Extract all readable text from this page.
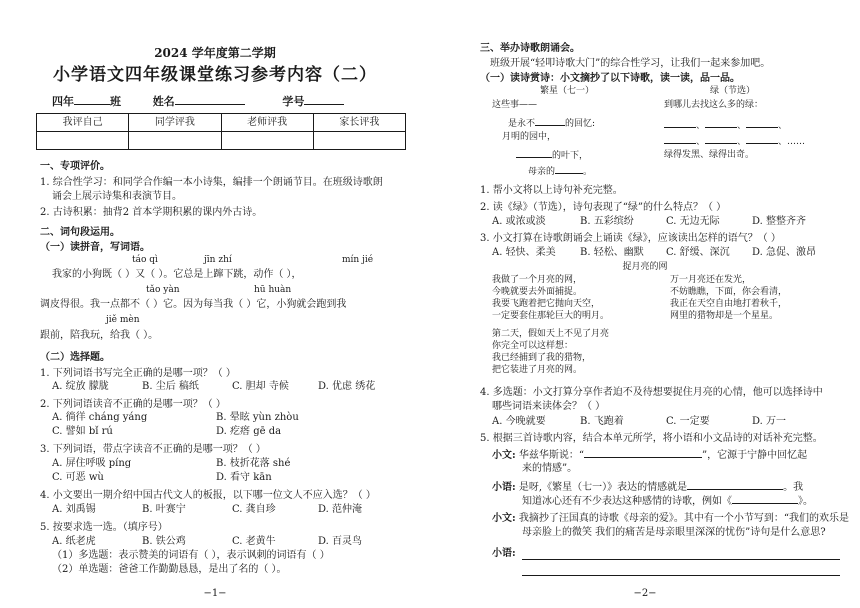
2024 学年度第二学期
小学语文四年级课堂练习参考内容（二）
四年	班	姓名	学号
我评自己	同学评我	老师评我	家长评我

一、专项评价。
1. 综合性学习：和同学合作编一本小诗集，编排一个朗诵节目。在班级诗歌朗
诵会上展示诗集和表演节目。
2. 古诗积累：抽背2 首本学期积累的课内外古诗。
二、词句段运用。
（一）读拼音，写词语。
táo qì	jīn zhí	mín jié
我家的小狗既（ ）又（ ）。它总是上蹿下跳，动作（ ），
tǎo yàn	hū huàn
调皮得很。我一点都不（ ）它。因为每当我（ ）它，小狗就会跑到我
jiě mèn
跟前，陪我玩，给我（ ）。
（二）选择题。
1. 下列词语书写完全正确的是哪一项？（ ）
A. 绽放 朦胧	B. 尘后 稿纸	C. 胆却 寺候	D. 优虑 绣花
2. 下列词语读音不正确的是哪一项？（ ）
A. 徜徉 cháng yáng	B. 晕眩 yùn zhòu
C. 譬如 bǐ rú	D. 疙瘩 gē da
3. 下列词语，带点字读音不正确的是哪一项？（ ）
A. 屏住呼吸 píng	B. 枝折花落 shé
C. 可恶 wù	D. 看守 kān
4. 小文要出一期介绍中国古代文人的板报，以下哪一位文人不应入选？（ ）
A. 刘禹锡	B. 叶赛宁	C. 龚自珍	D. 范仲淹
5. 按要求选一选。（填序号）
A. 纸老虎	B. 铁公鸡	C. 老黄牛	D. 百灵鸟
（1）多选题：表示赞美的词语有（ ），表示讽刺的词语有（ ）
（2）单选题：爸爸工作勤勤恳恳，是出了名的（ ）。
−1−
三、举办诗歌朗诵会。
班级开展“轻叩诗歌大门”的综合性学习，让我们一起来参加吧。
（一）读诗赏诗：小文摘抄了以下诗歌，读一读，品一品。
繁星（七一）
这些事——
是永不	的回忆:
月明的园中，
的叶下，
母亲的	。
绿（节选）
到哪儿去找这么多的绿：
、	、	、
、	、	、……
绿得发黑、绿得出奇。
1. 帮小文将以上诗句补充完整。
2. 读《绿》（节选），诗句表现了“绿”的什么特点？（ ）
A. 或浓或淡	B. 五彩缤纷	C. 无边无际	D. 整整齐齐
3. 小文打算在诗歌朗诵会上诵读《绿》，应该读出怎样的语气？（ ）
A. 轻快、柔美 B. 轻松、幽默 C. 舒缓、深沉 D. 急促、激昂
捉月亮的网
我做了一个月亮的网，
今晚就要去外面捕捉。
我要飞跑着把它抛向天空，
一定要套住那轮巨大的明月。
万一月亮还在发光，
不妨瞧瞧，下面，你会看清，
我正在天空自由地打着秋千，
网里的猎物却是一个星星。
第二天，假如天上不见了月亮
你完全可以这样想：
我已经捕到了我的猎物，
把它装进了月亮的网。
4. 多选题：小文打算分享作者迫不及待想要捉住月亮的心情，他可以选择诗中
哪些词语来读体会？（ ）
A. 今晚就要	B. 飞跑着	C. 一定要	D. 万一
5. 根据三首诗歌内容，结合本单元所学，将小语和小文品诗的对话补充完整。
小文: 华兹华斯说：“	”，它源于宁静中回忆起
来的情感”。
小语: 是呀,《繁星（七一）》表达的情感就是	。我
知道冰心还有不少表达这种感情的诗歌，例如《	》。
小文: 我摘抄了汪国真的诗歌《母亲的爱》。其中有一个小节写到：“我们的欢乐是
母亲脸上的微笑 我们的痛苦是母亲眼里深深的忧伤”诗句是什么意思?
小语:
−2−
